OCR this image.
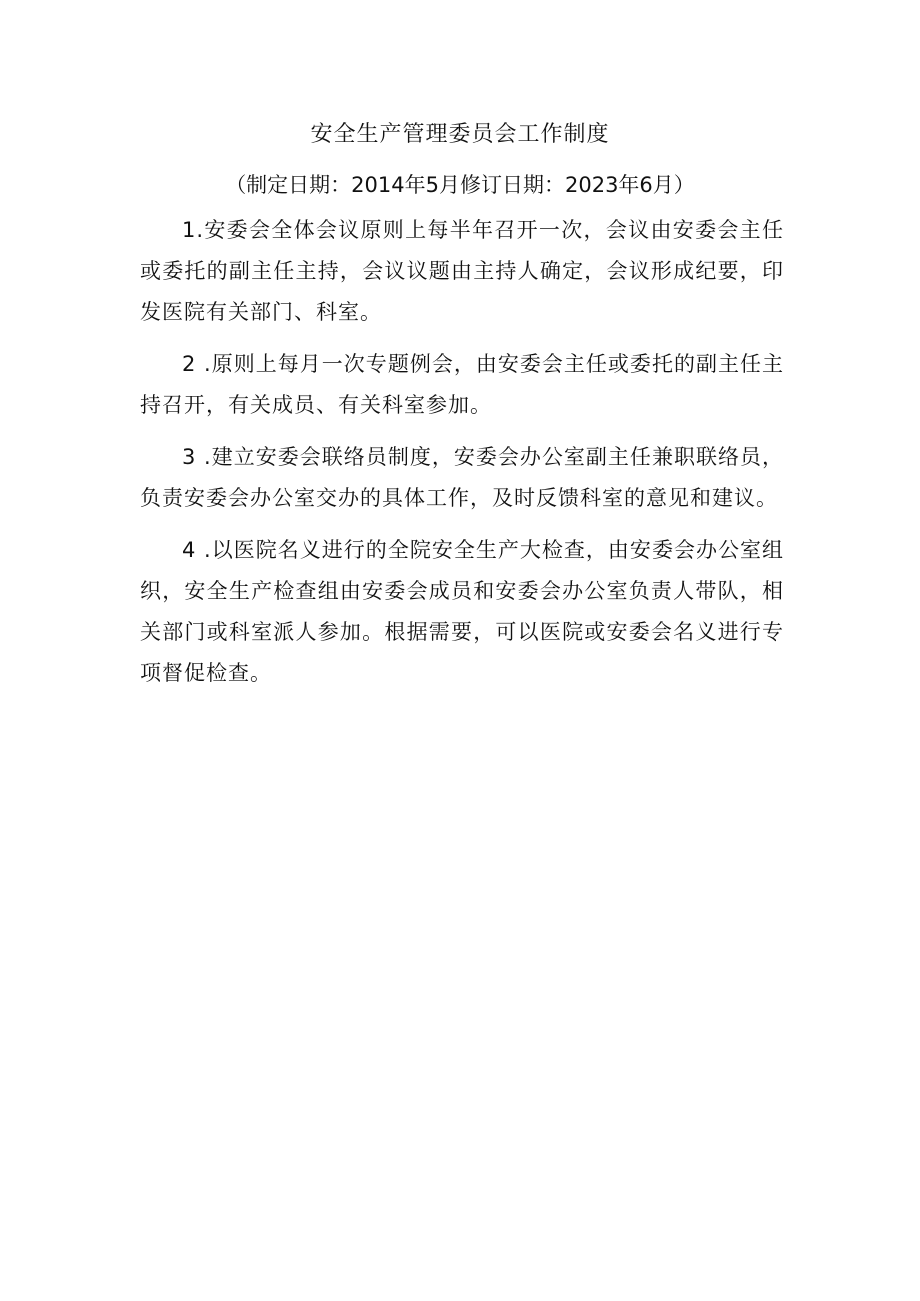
安全生产管理委员会工作制度
（制定日期：2014年5月修订日期：2023年6月）

1.安委会全体会议原则上每半年召开一次，会议由安委会主任或委托的副主任主持，会议议题由主持人确定，会议形成纪要，印发医院有关部门、科室。

2 .原则上每月一次专题例会，由安委会主任或委托的副主任主持召开，有关成员、有关科室参加。

3 .建立安委会联络员制度，安委会办公室副主任兼职联络员，负责安委会办公室交办的具体工作，及时反馈科室的意见和建议。

4 .以医院名义进行的全院安全生产大检查，由安委会办公室组织，安全生产检查组由安委会成员和安委会办公室负责人带队，相关部门或科室派人参加。根据需要，可以医院或安委会名义进行专项督促检查。
